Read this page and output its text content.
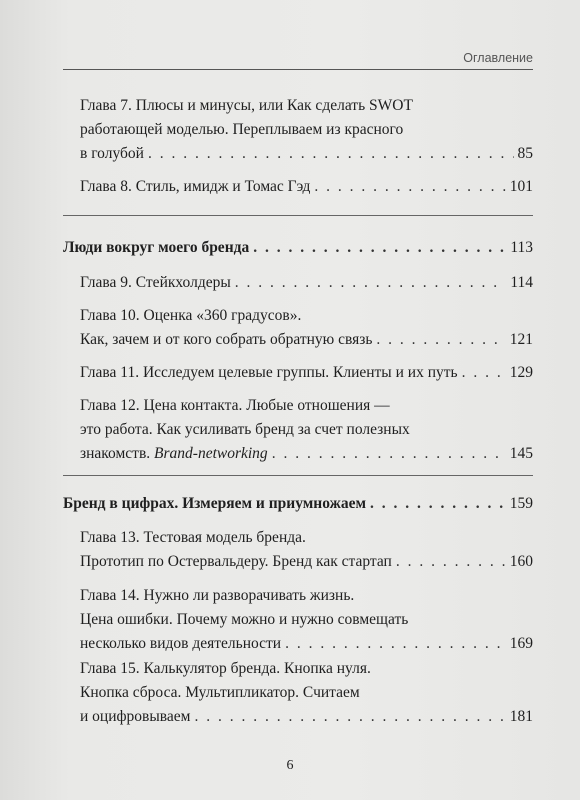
Оглавление
Глава 7. Плюсы и минусы, или Как сделать SWOT
работающей моделью. Переплываем из красного
в голубой . . .	85
Глава 8. Стиль, имидж и Томас Гэд . . .	101
Люди вокруг моего бренда . . .	113
Глава 9. Стейкхолдеры . . .	114
Глава 10. Оценка «360 градусов».
Как, зачем и от кого собрать обратную связь . . .	121
Глава 11. Исследуем целевые группы. Клиенты и их путь . . .	129
Глава 12. Цена контакта. Любые отношения —
это работа. Как усиливать бренд за счет полезных
знакомств. Brand-networking . . .	145
Бренд в цифрах. Измеряем и приумножаем . . .	159
Глава 13. Тестовая модель бренда.
Прототип по Остервальдеру. Бренд как стартап . . .	160
Глава 14. Нужно ли разворачивать жизнь.
Цена ошибки. Почему можно и нужно совмещать
несколько видов деятельности . . .	169
Глава 15. Калькулятор бренда. Кнопка нуля.
Кнопка сброса. Мультипликатор. Считаем
и оцифровываем . . .	181
6
